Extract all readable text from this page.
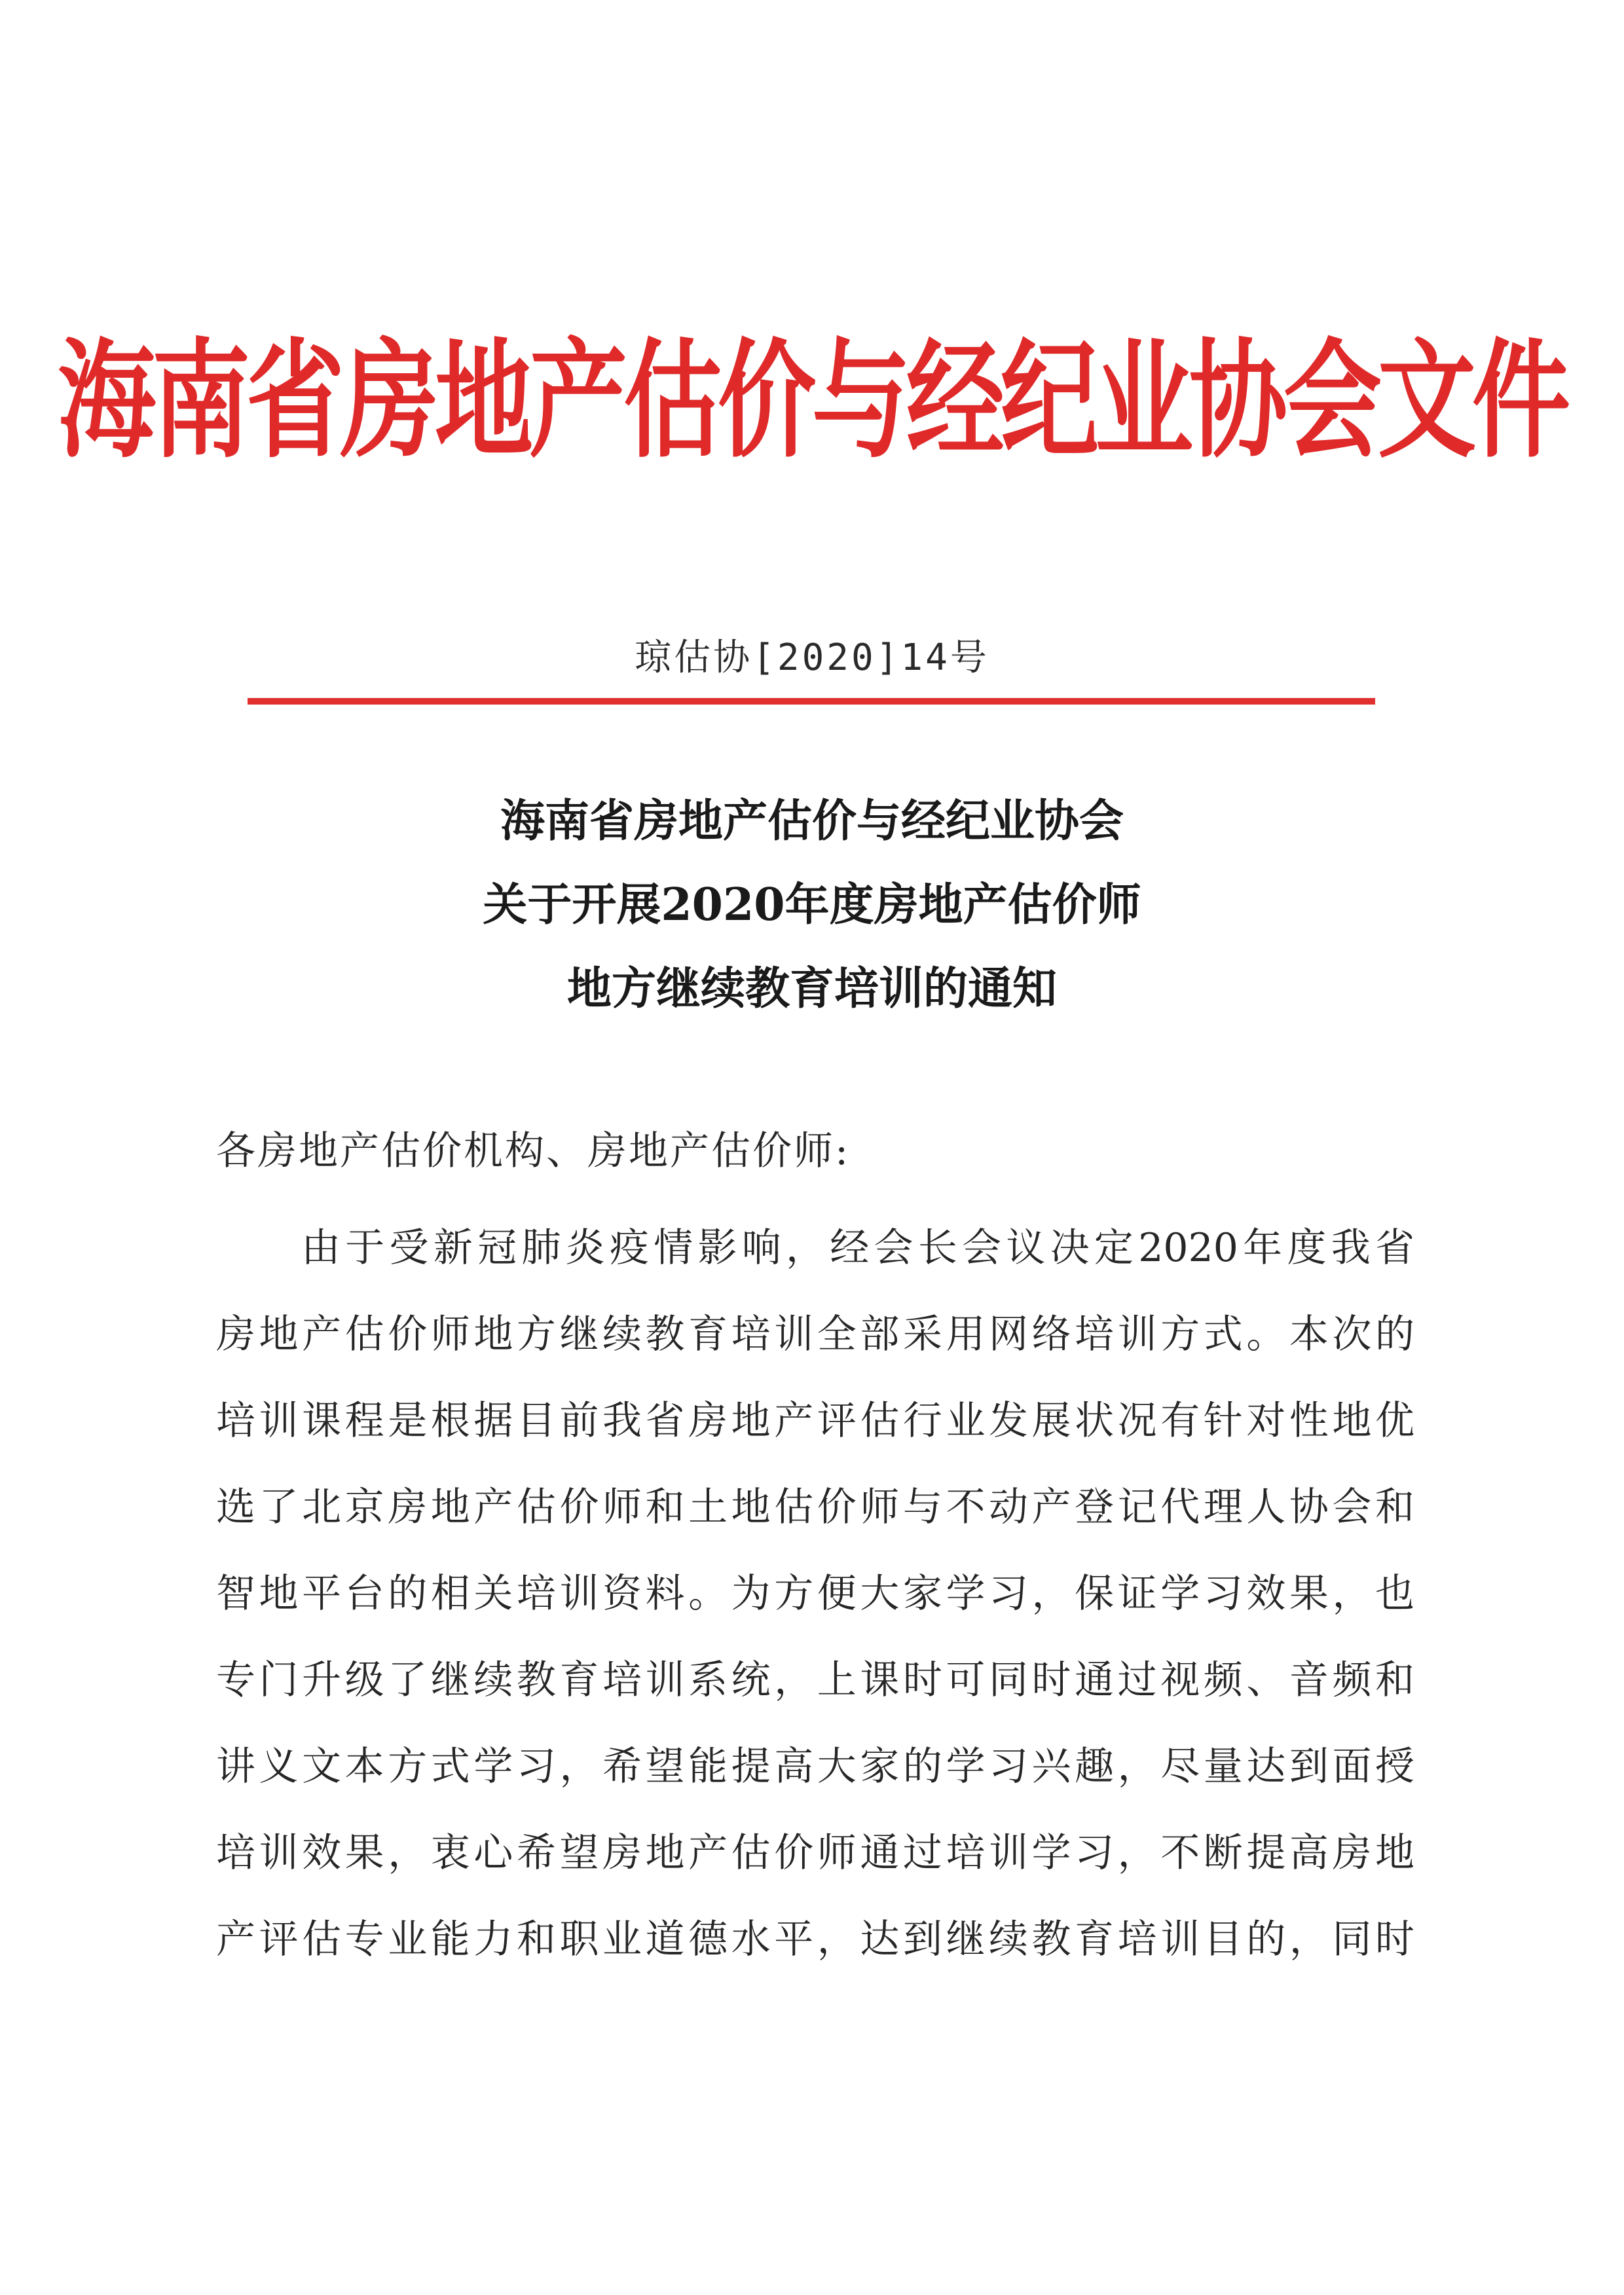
海南省房地产估价与经纪业协会文件
琼估协[2020]14号
海南省房地产估价与经纪业协会
关于开展2020年度房地产估价师
地方继续教育培训的通知
各房地产估价机构、房地产估价师:
由于受新冠肺炎疫情影响，经会长会议决定2020年度我省
房地产估价师地方继续教育培训全部采用网络培训方式。本次的
培训课程是根据目前我省房地产评估行业发展状况有针对性地优
选了北京房地产估价师和土地估价师与不动产登记代理人协会和
智地平台的相关培训资料。为方便大家学习，保证学习效果，也
专门升级了继续教育培训系统，上课时可同时通过视频、音频和
讲义文本方式学习，希望能提高大家的学习兴趣，尽量达到面授
培训效果，衷心希望房地产估价师通过培训学习，不断提高房地
产评估专业能力和职业道德水平，达到继续教育培训目的，同时
